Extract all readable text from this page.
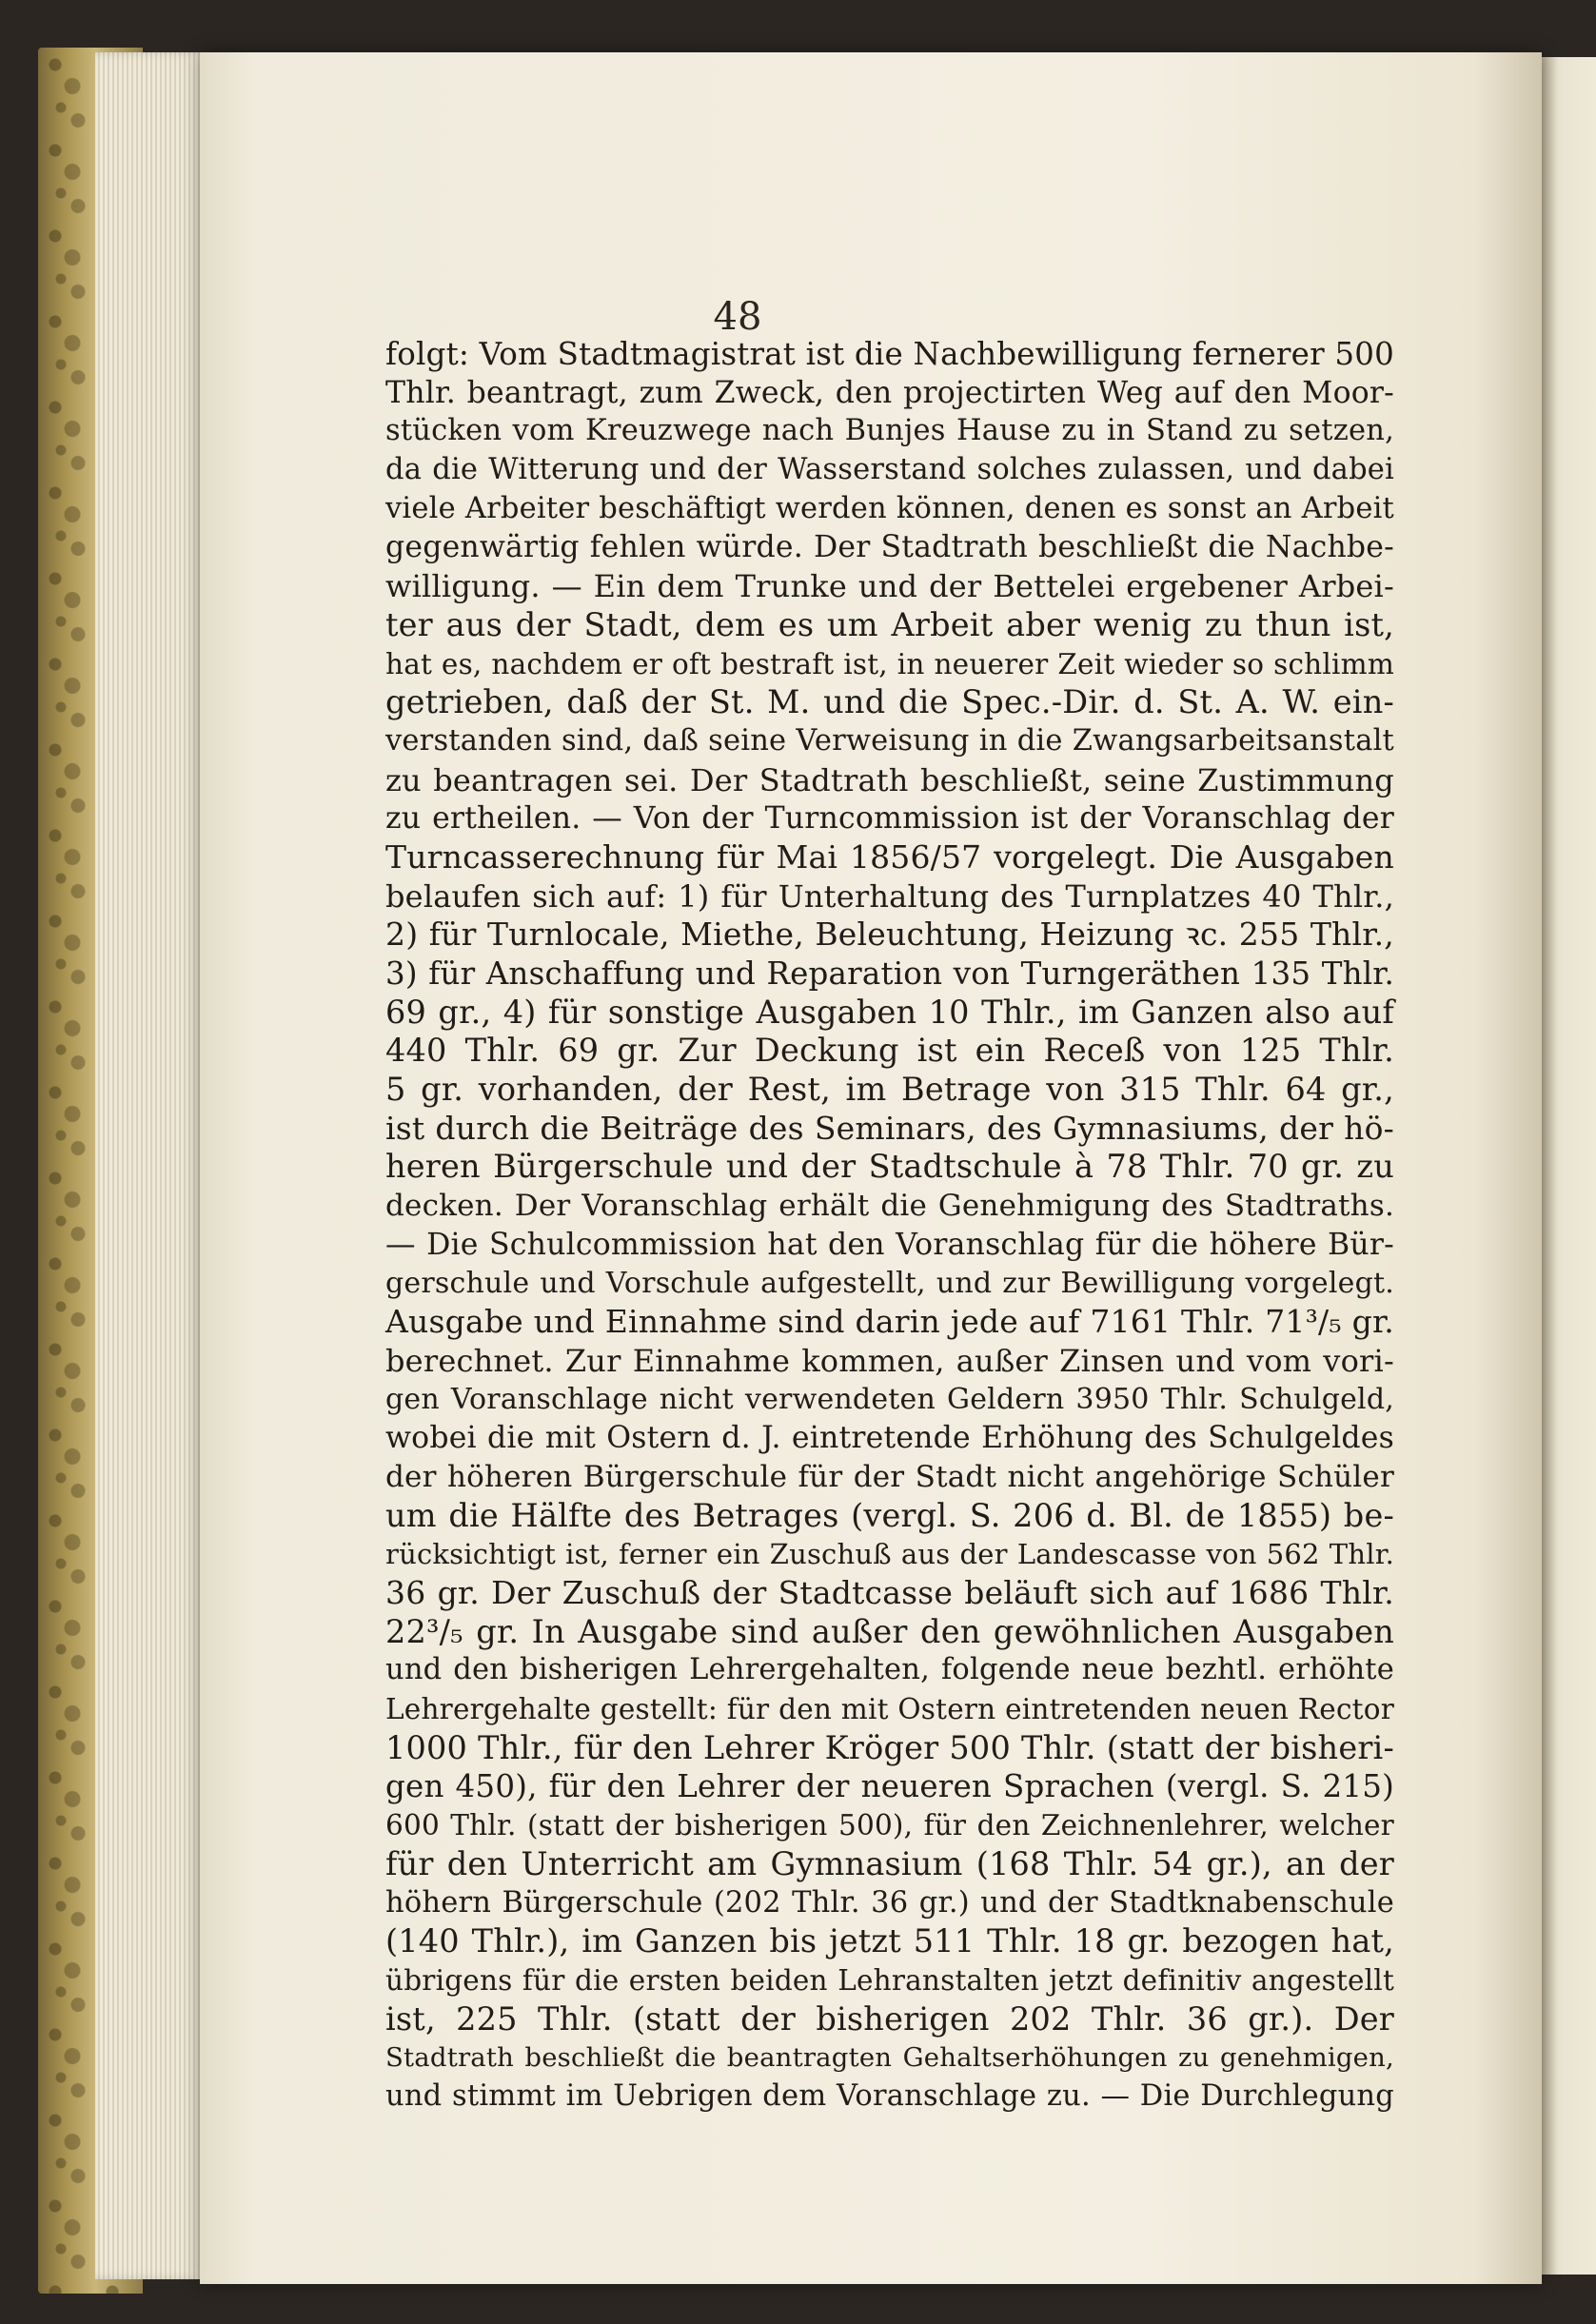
48
folgt: Vom Stadtmagistrat ist die Nachbewilligung fernerer 500
Thlr. beantragt, zum Zweck, den projectirten Weg auf den Moor-
stücken vom Kreuzwege nach Bunjes Hause zu in Stand zu setzen,
da die Witterung und der Wasserstand solches zulassen, und dabei
viele Arbeiter beschäftigt werden können, denen es sonst an Arbeit
gegenwärtig fehlen würde. Der Stadtrath beschließt die Nachbe-
willigung. — Ein dem Trunke und der Bettelei ergebener Arbei-
ter aus der Stadt, dem es um Arbeit aber wenig zu thun ist,
hat es, nachdem er oft bestraft ist, in neuerer Zeit wieder so schlimm
getrieben, daß der St. M. und die Spec.-Dir. d. St. A. W. ein-
verstanden sind, daß seine Verweisung in die Zwangsarbeitsanstalt
zu beantragen sei. Der Stadtrath beschließt, seine Zustimmung
zu ertheilen. — Von der Turncommission ist der Voranschlag der
Turncasserechnung für Mai 1856/57 vorgelegt. Die Ausgaben
belaufen sich auf: 1) für Unterhaltung des Turnplatzes 40 Thlr.,
2) für Turnlocale, Miethe, Beleuchtung, Heizung ꝛc. 255 Thlr.,
3) für Anschaffung und Reparation von Turngeräthen 135 Thlr.
69 gr., 4) für sonstige Ausgaben 10 Thlr., im Ganzen also auf
440 Thlr. 69 gr. Zur Deckung ist ein Receß von 125 Thlr.
5 gr. vorhanden, der Rest, im Betrage von 315 Thlr. 64 gr.,
ist durch die Beiträge des Seminars, des Gymnasiums, der hö-
heren Bürgerschule und der Stadtschule à 78 Thlr. 70 gr. zu
decken. Der Voranschlag erhält die Genehmigung des Stadtraths.
— Die Schulcommission hat den Voranschlag für die höhere Bür-
gerschule und Vorschule aufgestellt, und zur Bewilligung vorgelegt.
Ausgabe und Einnahme sind darin jede auf 7161 Thlr. 71³/₅ gr.
berechnet. Zur Einnahme kommen, außer Zinsen und vom vori-
gen Voranschlage nicht verwendeten Geldern 3950 Thlr. Schulgeld,
wobei die mit Ostern d. J. eintretende Erhöhung des Schulgeldes
der höheren Bürgerschule für der Stadt nicht angehörige Schüler
um die Hälfte des Betrages (vergl. S. 206 d. Bl. de 1855) be-
rücksichtigt ist, ferner ein Zuschuß aus der Landescasse von 562 Thlr.
36 gr. Der Zuschuß der Stadtcasse beläuft sich auf 1686 Thlr.
22³/₅ gr. In Ausgabe sind außer den gewöhnlichen Ausgaben
und den bisherigen Lehrergehalten, folgende neue bezhtl. erhöhte
Lehrergehalte gestellt: für den mit Ostern eintretenden neuen Rector
1000 Thlr., für den Lehrer Kröger 500 Thlr. (statt der bisheri-
gen 450), für den Lehrer der neueren Sprachen (vergl. S. 215)
600 Thlr. (statt der bisherigen 500), für den Zeichnenlehrer, welcher
für den Unterricht am Gymnasium (168 Thlr. 54 gr.), an der
höhern Bürgerschule (202 Thlr. 36 gr.) und der Stadtknabenschule
(140 Thlr.), im Ganzen bis jetzt 511 Thlr. 18 gr. bezogen hat,
übrigens für die ersten beiden Lehranstalten jetzt definitiv angestellt
ist, 225 Thlr. (statt der bisherigen 202 Thlr. 36 gr.). Der
Stadtrath beschließt die beantragten Gehaltserhöhungen zu genehmigen,
und stimmt im Uebrigen dem Voranschlage zu. — Die Durchlegung
